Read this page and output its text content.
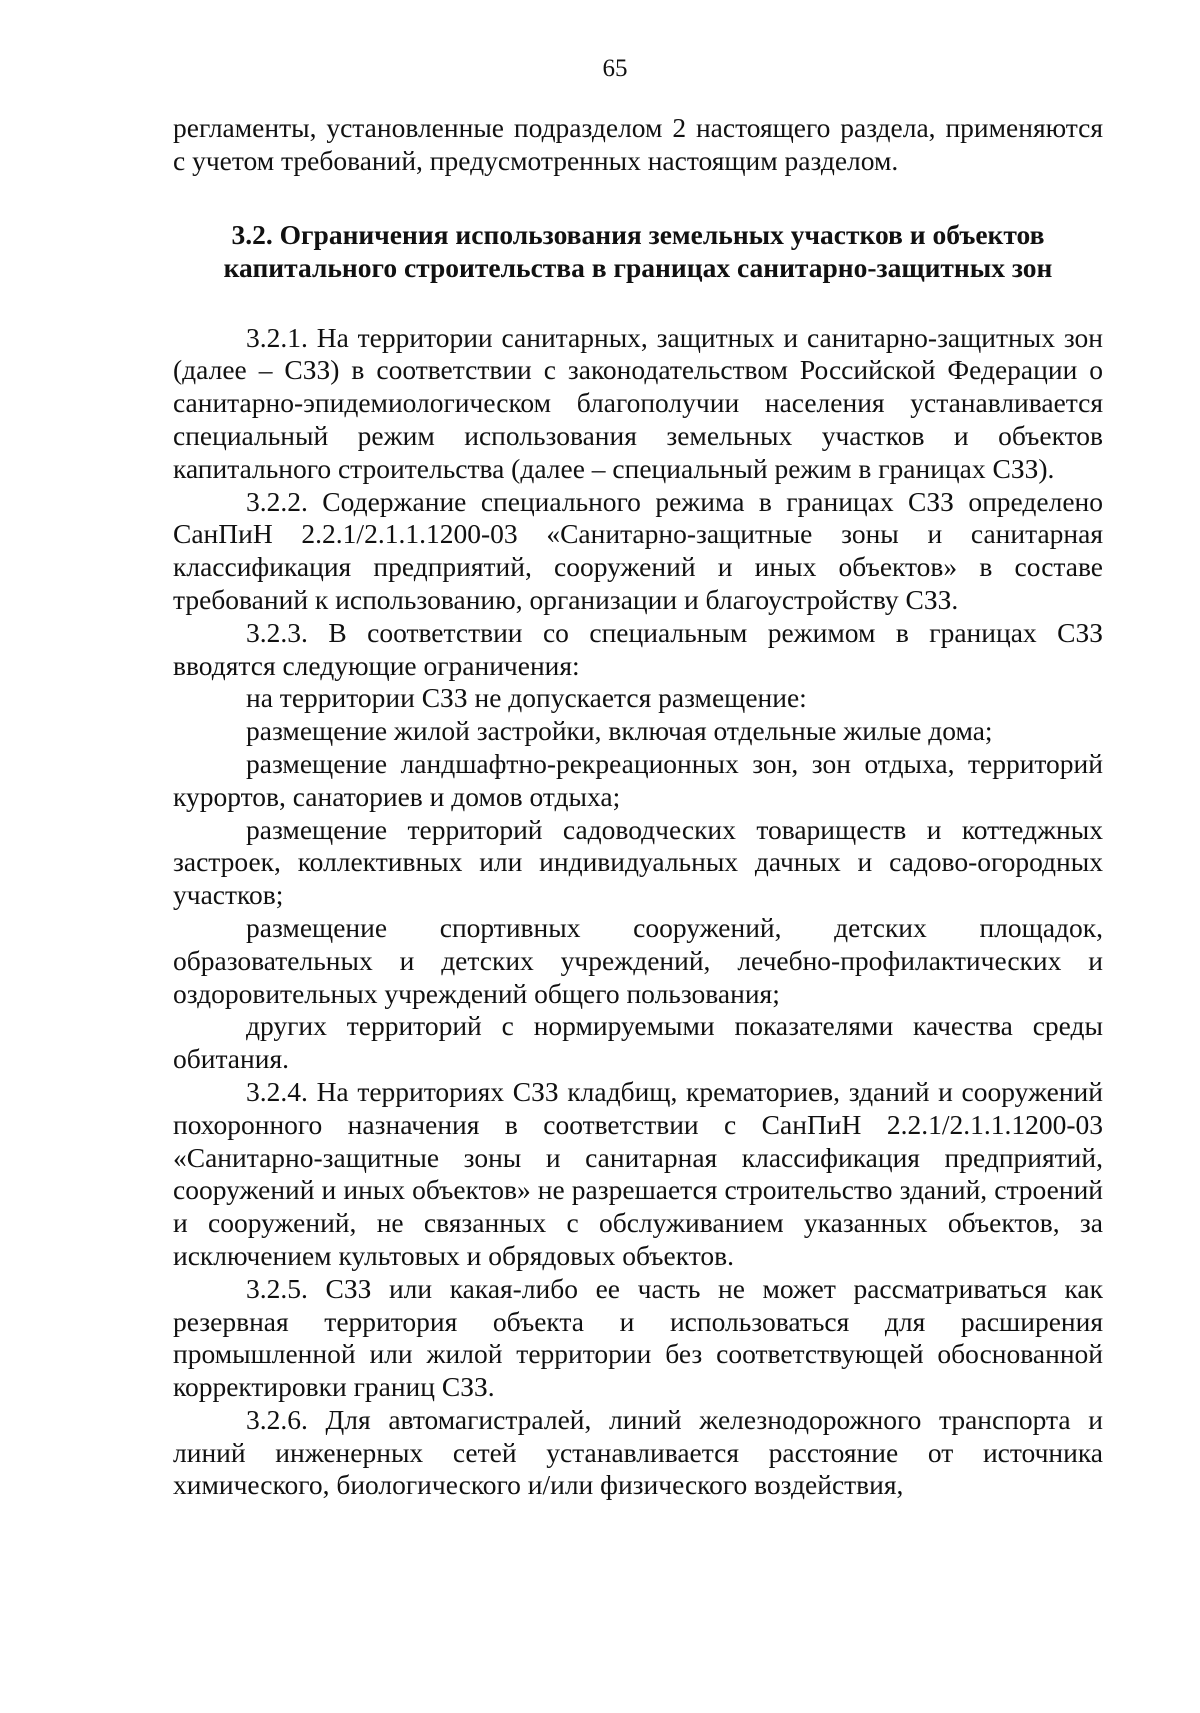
65

регламенты, установленные подразделом 2 настоящего раздела, применяются с учетом требований, предусмотренных настоящим разделом.

3.2. Ограничения использования земельных участков и объектов
капитального строительства в границах санитарно-защитных зон

3.2.1. На территории санитарных, защитных и санитарно-защитных зон (далее – СЗЗ) в соответствии с законодательством Российской Федерации о санитарно-эпидемиологическом благополучии населения устанавливается специальный режим использования земельных участков и объектов капитального строительства (далее – специальный режим в границах СЗЗ).

3.2.2. Содержание специального режима в границах СЗЗ определено СанПиН 2.2.1/2.1.1.1200-03 «Санитарно-защитные зоны и санитарная классификация предприятий, сооружений и иных объектов» в составе требований к использованию, организации и благоустройству СЗЗ.

3.2.3. В соответствии со специальным режимом в границах СЗЗ вводятся следующие ограничения:

на территории СЗЗ не допускается размещение:

размещение жилой застройки, включая отдельные жилые дома;

размещение ландшафтно-рекреационных зон, зон отдыха, территорий курортов, санаториев и домов отдыха;

размещение территорий садоводческих товариществ и коттеджных застроек, коллективных или индивидуальных дачных и садово-огородных участков;

размещение спортивных сооружений, детских площадок, образовательных и детских учреждений, лечебно-профилактических и оздоровительных учреждений общего пользования;

других территорий с нормируемыми показателями качества среды обитания.

3.2.4. На территориях СЗЗ кладбищ, крематориев, зданий и сооружений похоронного назначения в соответствии с СанПиН 2.2.1/2.1.1.1200-03 «Санитарно-защитные зоны и санитарная классификация предприятий, сооружений и иных объектов» не разрешается строительство зданий, строений и сооружений, не связанных с обслуживанием указанных объектов, за исключением культовых и обрядовых объектов.

3.2.5. СЗЗ или какая-либо ее часть не может рассматриваться как резервная территория объекта и использоваться для расширения промышленной или жилой территории без соответствующей обоснованной корректировки границ СЗЗ.

3.2.6. Для автомагистралей, линий железнодорожного транспорта и линий инженерных сетей устанавливается расстояние от источника химического, биологического и/или физического воздействия,
